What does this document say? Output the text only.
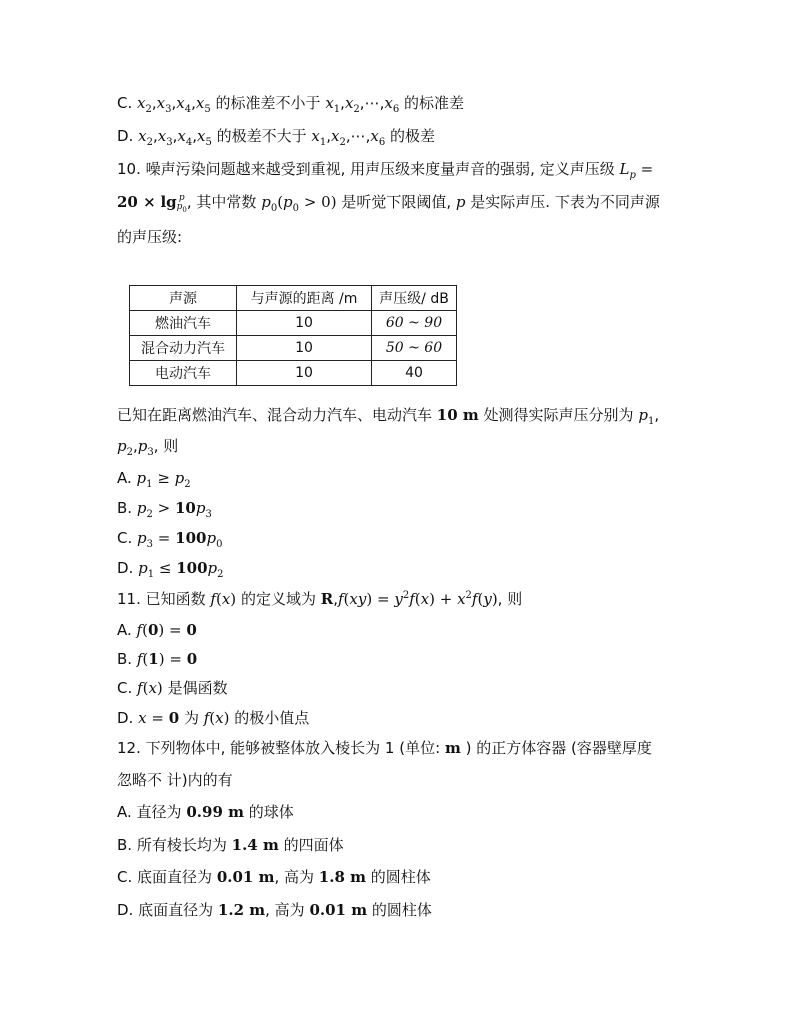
C. $x_2,x_3,x_4,x_5$ 的标准差不小于 $x_1,x_2,\cdots,x_6$ 的标准差
D. $x_2,x_3,x_4,x_5$ 的极差不大于 $x_1,x_2,\cdots,x_6$ 的极差
10. 噪声污染问题越来越受到重视, 用声压级来度量声音的强弱, 定义声压级 $L_p$ =
20 × lg p
$p_0$, 其中常数 $p_0(p_0 > 0)$ 是听觉下限阈值, p 是实际声压. 下表为不同声源
的声压级:
声源	与声源的距离 /m	声压级/ dB
燃油汽车	10	60 ~ 90
混合动力汽车	10	50 ~ 60
电动汽车	10	40
已知在距离燃油汽车、混合动力汽车、电动汽车 10 m 处测得实际声压分别为 $p_1$,
$p_2,p_3$, 则
A. $p_1 \ge p_2$
B. $p_2 > 10p_3$
C. $p_3 = 100p_0$
D. $p_1 \le 100p_2$
11. 已知函数 f(x) 的定义域为 $R,f(xy) = y^2f(x) + x^2f(y)$, 则
A. f(0) = 0
B. f(1) = 0
C. f(x) 是偶函数
D. x = 0 为 f(x) 的极小值点
12. 下列物体中, 能够被整体放入棱长为 1 (单位: m ) 的正方体容器 (容器壁厚度
忽略不 计)内的有
A. 直径为 0.99 m 的球体
B. 所有棱长均为 1.4 m 的四面体
C. 底面直径为 0.01 m, 高为 1.8 m 的圆柱体
D. 底面直径为 1.2 m, 高为 0.01 m 的圆柱体
